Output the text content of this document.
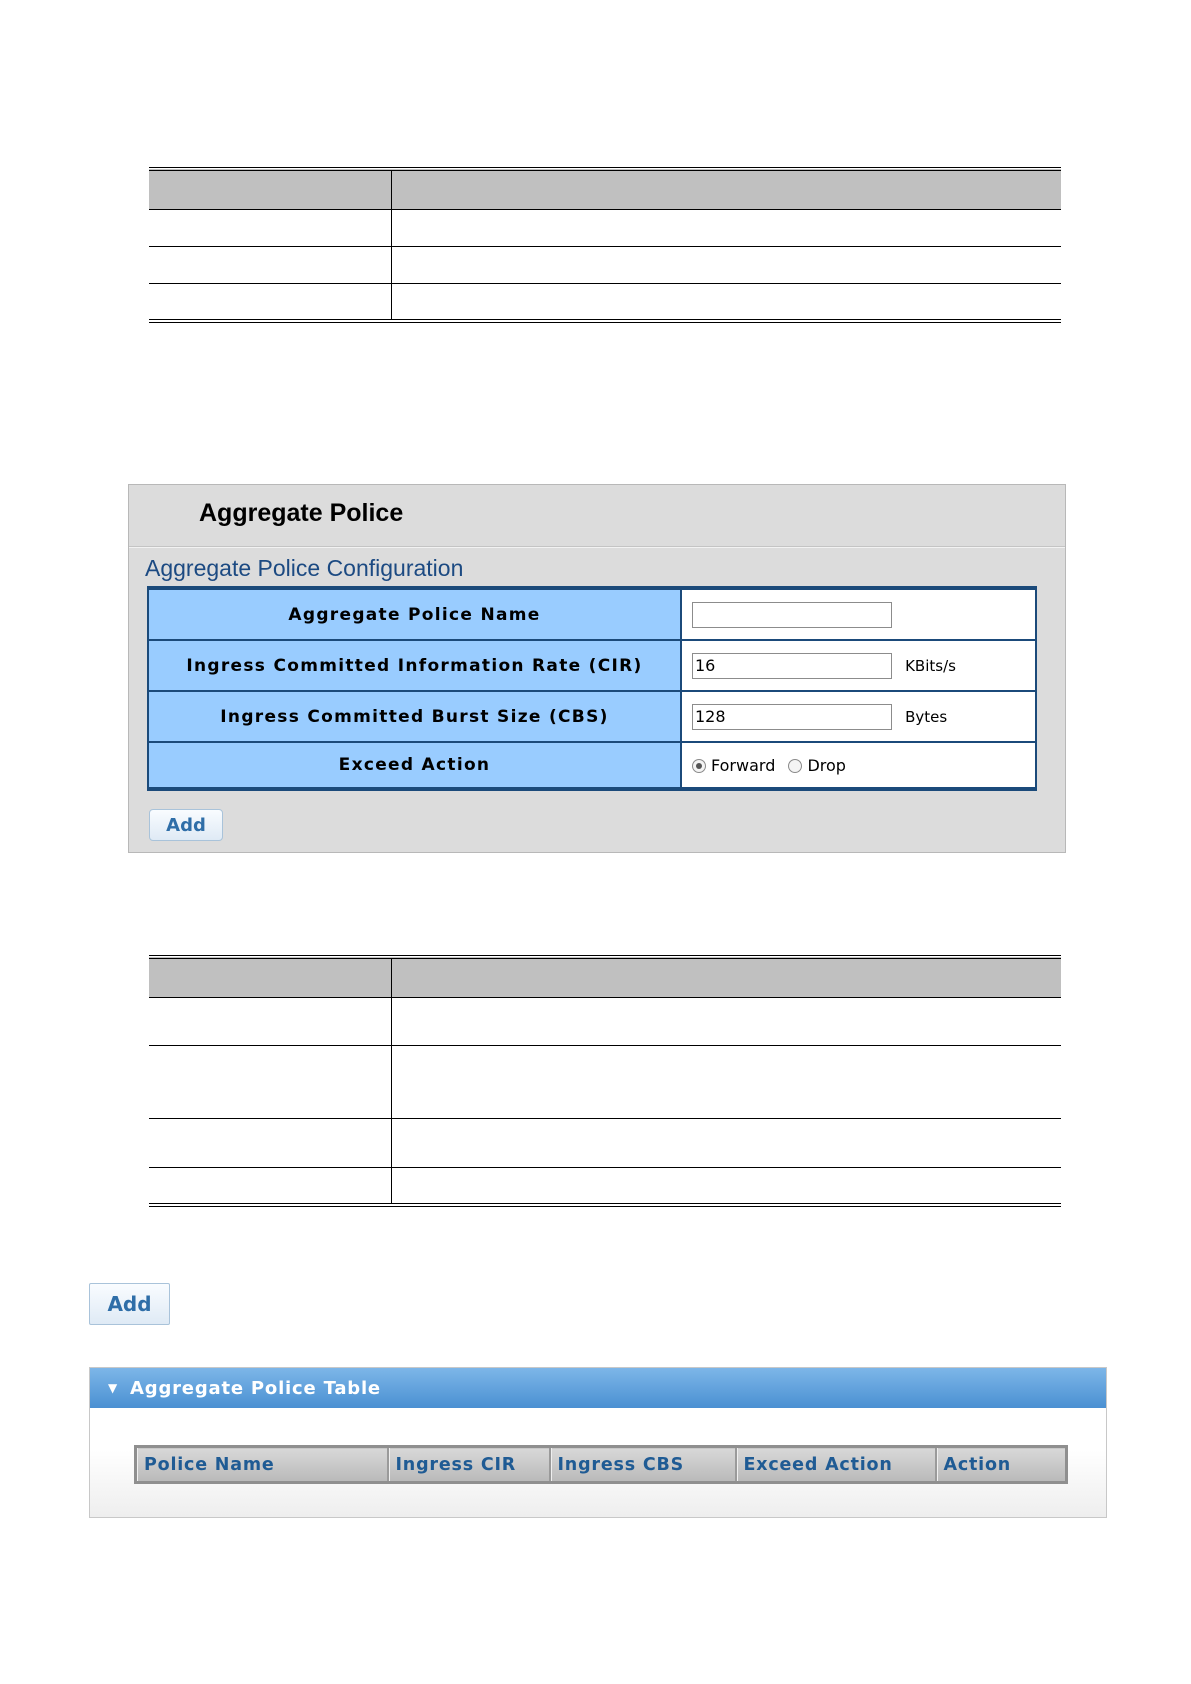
Aggregate Police
Aggregate Police Configuration
Aggregate Police Name	
Ingress Committed Information Rate (CIR)	16KBits/s
Ingress Committed Burst Size (CBS)	128Bytes
Exceed Action	Forward Drop
Add

Add
▼ Aggregate Police Table
Police Name	Ingress CIR	Ingress CBS	Exceed Action	Action
